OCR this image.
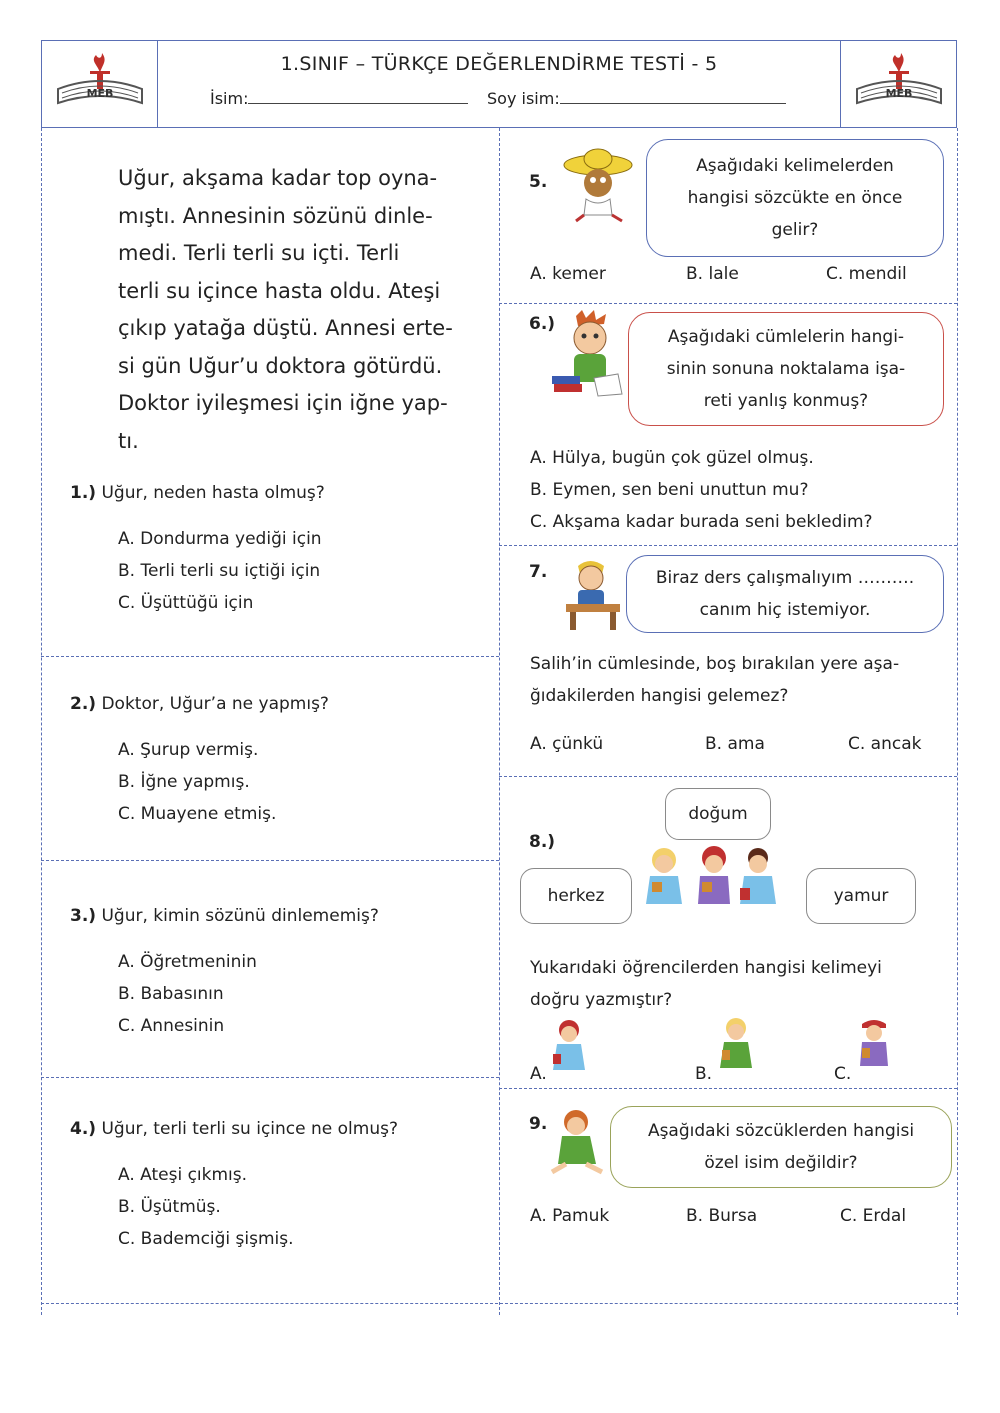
MEB
1.SINIF – TÜRKÇE DEĞERLENDİRME TESTİ - 5
İsim:	Soy isim:	MEB
Uğur, akşama kadar top oyna-
mıştı. Annesinin sözünü dinle-
medi. Terli terli su içti. Terli
terli su içince hasta oldu. Ateşi
çıkıp yatağa düştü. Annesi erte-
si gün Uğur’u doktora götürdü.
Doktor iyileşmesi için iğne yap-
tı.
1.) Uğur, neden hasta olmuş?
A. Dondurma yediği için
B. Terli terli su içtiği için
C. Üşüttüğü için
2.) Doktor, Uğur’a ne yapmış?
A. Şurup vermiş.
B. İğne yapmış.
C. Muayene etmiş.
3.) Uğur, kimin sözünü dinlememiş?
A. Öğretmeninin
B. Babasının
C. Annesinin
4.) Uğur, terli terli su içince ne olmuş?
A. Ateşi çıkmış.
B. Üşütmüş.
C. Bademciği şişmiş.
5.
Aşağıdaki kelimelerden
hangisi sözcükte en önce
gelir?
A. kemer	B. lale	C. mendil
6.)
Aşağıdaki cümlelerin hangi-
sinin sonuna noktalama işa-
reti yanlış konmuş?
A. Hülya, bugün çok güzel olmuş.
B. Eymen, sen beni unuttun mu?
C. Akşama kadar burada seni bekledim?
7.	Biraz ders çalışmalıyım ……….
canım hiç istemiyor.
Salih’in cümlesinde, boş bırakılan yere aşa-
ğıdakilerden hangisi gelemez?
A. çünkü	B. ama	C. ancak
8.)
doğum
herkez	yamur
Yukarıdaki öğrencilerden hangisi kelimeyi
doğru yazmıştır?
A.	B.	C.
9.	Aşağıdaki sözcüklerden hangisi
özel isim değildir?
A. Pamuk	B. Bursa	C. Erdal
